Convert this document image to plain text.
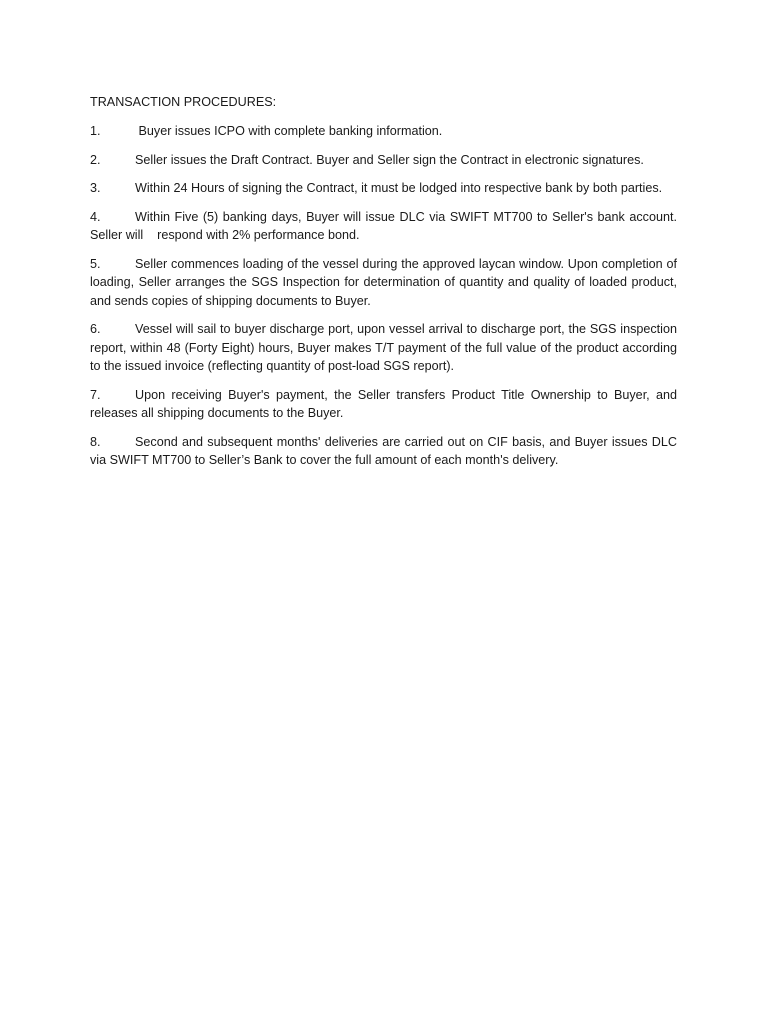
TRANSACTION PROCEDURES:
1.	Buyer issues ICPO with complete banking information.
2.	Seller issues the Draft Contract. Buyer and Seller sign the Contract in electronic signatures.
3.	Within 24 Hours of signing the Contract, it must be lodged into respective bank by both parties.
4.	Within Five (5) banking days, Buyer will issue DLC via SWIFT MT700 to Seller's bank account. Seller will    respond with 2% performance bond.
5.	Seller commences loading of the vessel during the approved laycan window. Upon completion of loading, Seller arranges the SGS Inspection for determination of quantity and quality of loaded product, and sends copies of shipping documents to Buyer.
6.	Vessel will sail to buyer discharge port, upon vessel arrival to discharge port, the SGS inspection report, within 48 (Forty Eight) hours, Buyer makes T/T payment of the full value of the product according to the issued invoice (reflecting quantity of post-load SGS report).
7.	Upon receiving Buyer's payment, the Seller transfers Product Title Ownership to Buyer, and releases all shipping documents to the Buyer.
8.	Second and subsequent months' deliveries are carried out on CIF basis, and Buyer issues DLC via SWIFT MT700 to Seller’s Bank to cover the full amount of each month's delivery.
